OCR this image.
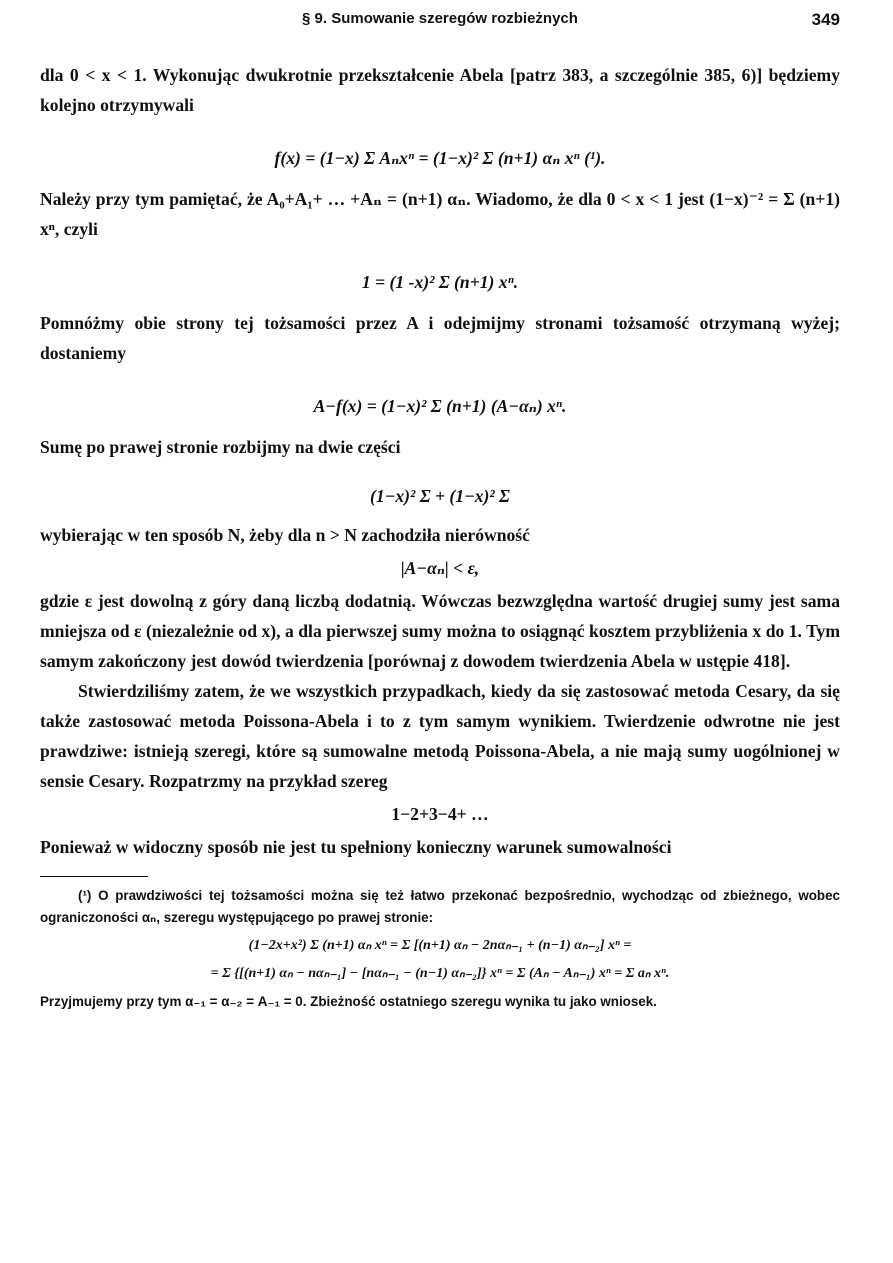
§ 9. Sumowanie szeregów rozbieżnych	349

dla 0 < x < 1. Wykonując dwukrotnie przekształcenie Abela [patrz 383, a szczególnie 385, 6)] będziemy kolejno otrzymywali

f(x) = (1−x) Σ Aₙxⁿ = (1−x)² Σ (n+1) αₙ xⁿ (¹).

Należy przy tym pamiętać, że A₀+A₁+ … +Aₙ = (n+1) αₙ. Wiadomo, że dla 0 < x < 1 jest (1−x)⁻² = Σ (n+1) xⁿ, czyli

1 = (1 -x)² Σ (n+1) xⁿ.

Pomnóżmy obie strony tej tożsamości przez A i odejmijmy stronami tożsamość otrzymaną wyżej; dostaniemy

A−f(x) = (1−x)² Σ (n+1) (A−αₙ) xⁿ.

Sumę po prawej stronie rozbijmy na dwie części

(1−x)² Σ + (1−x)² Σ

wybierając w ten sposób N, żeby dla n > N zachodziła nierówność

|A−αₙ| < ε,

gdzie ε jest dowolną z góry daną liczbą dodatnią. Wówczas bezwzględna wartość drugiej sumy jest sama mniejsza od ε (niezależnie od x), a dla pierwszej sumy można to osiągnąć kosztem przybliżenia x do 1. Tym samym zakończony jest dowód twierdzenia [porównaj z dowodem twierdzenia Abela w ustępie 418].

Stwierdziliśmy zatem, że we wszystkich przypadkach, kiedy da się zastosować metoda Cesary, da się także zastosować metoda Poissona-Abela i to z tym samym wynikiem. Twierdzenie odwrotne nie jest prawdziwe: istnieją szeregi, które są sumowalne metodą Poissona-Abela, a nie mają sumy uogólnionej w sensie Cesary. Rozpatrzmy na przykład szereg

1−2+3−4+ …

Ponieważ w widoczny sposób nie jest tu spełniony konieczny warunek sumowalności

(¹) O prawdziwości tej tożsamości można się też łatwo przekonać bezpośrednio, wychodząc od zbieżnego, wobec ograniczoności αₙ, szeregu występującego po prawej stronie:

(1−2x+x²) Σ (n+1) αₙ xⁿ = Σ [(n+1) αₙ − 2nαₙ₋₁ + (n−1) αₙ₋₂] xⁿ =
= Σ {[(n+1) αₙ − nαₙ₋₁] − [nαₙ₋₁ − (n−1) αₙ₋₂]} xⁿ = Σ (Aₙ − Aₙ₋₁) xⁿ = Σ aₙ xⁿ.

Przyjmujemy przy tym α₋₁ = α₋₂ = A₋₁ = 0. Zbieżność ostatniego szeregu wynika tu jako wniosek.
